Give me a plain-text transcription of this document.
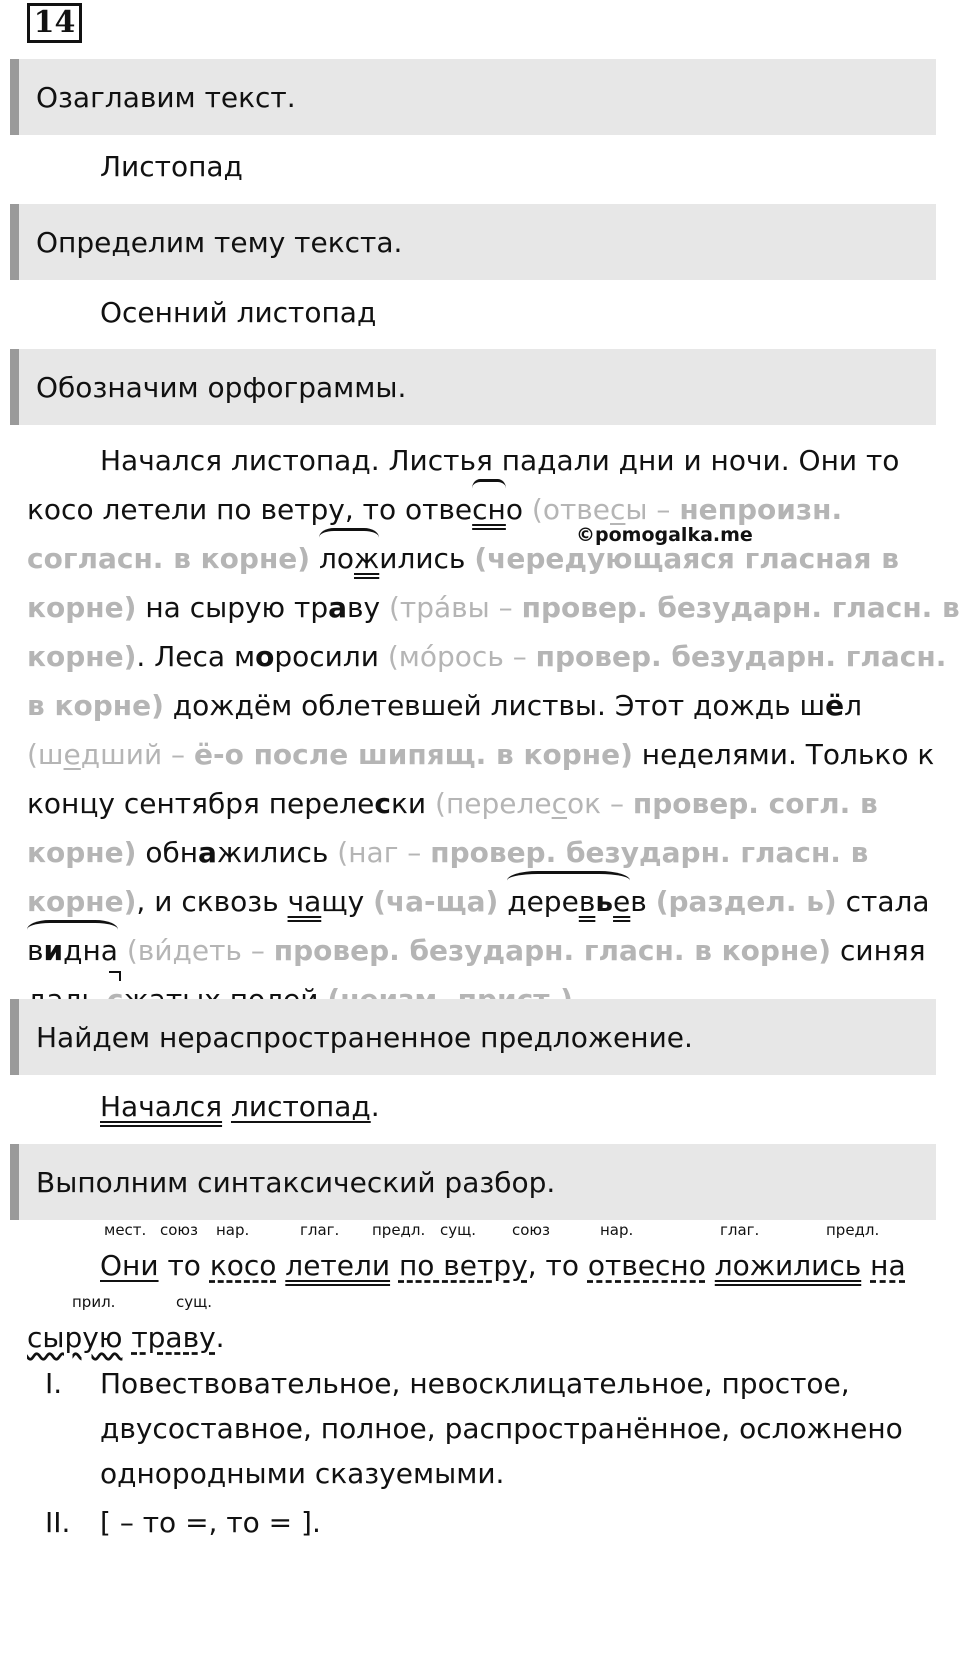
14
Озаглавим текст.
Листопад
Определим тему текста.
Осенний листопад
Обозначим орфограммы.
©pomogalka.me
Начался листопад. Листья падали дни и ночи. Они то
косо летели по ветру, то отвесно (отвесы – непроизн.
согласн. в корне) ложились (чередующаяся гласная в
корне) на сырую траву (тра́вы – провер. безударн. гласн. в
корне). Леса моросили (мо́рось – провер. безударн. гласн.
в корне) дождём облетевшей листвы. Этот дождь шёл
(шедший – ё-о после шипящ. в корне) неделями. Только к
концу сентября перелески (перелесок – провер. согл. в
корне) обнажились (наг – провер. безударн. гласн. в
корне), и сквозь чащу (ча-ща) деревьев (раздел. ь) стала
видна (ви́деть – провер. безударн. гласн. в корне) синяя
Найдем нераспространенное предложение.
Начался листопад.
Выполним синтаксический разбор.
мест. союз нар.	глаг. предл. сущ. союз	нар.	глаг.	предл.
прил.	сущ.
Они то косо летели по ветру, то отвесно ложились на
сырую траву.
I. Повествовательное, невосклицательное, простое,
двусоставное, полное, распространённое, осложнено
однородными сказуемыми.
II. [ – то =, то = ].
